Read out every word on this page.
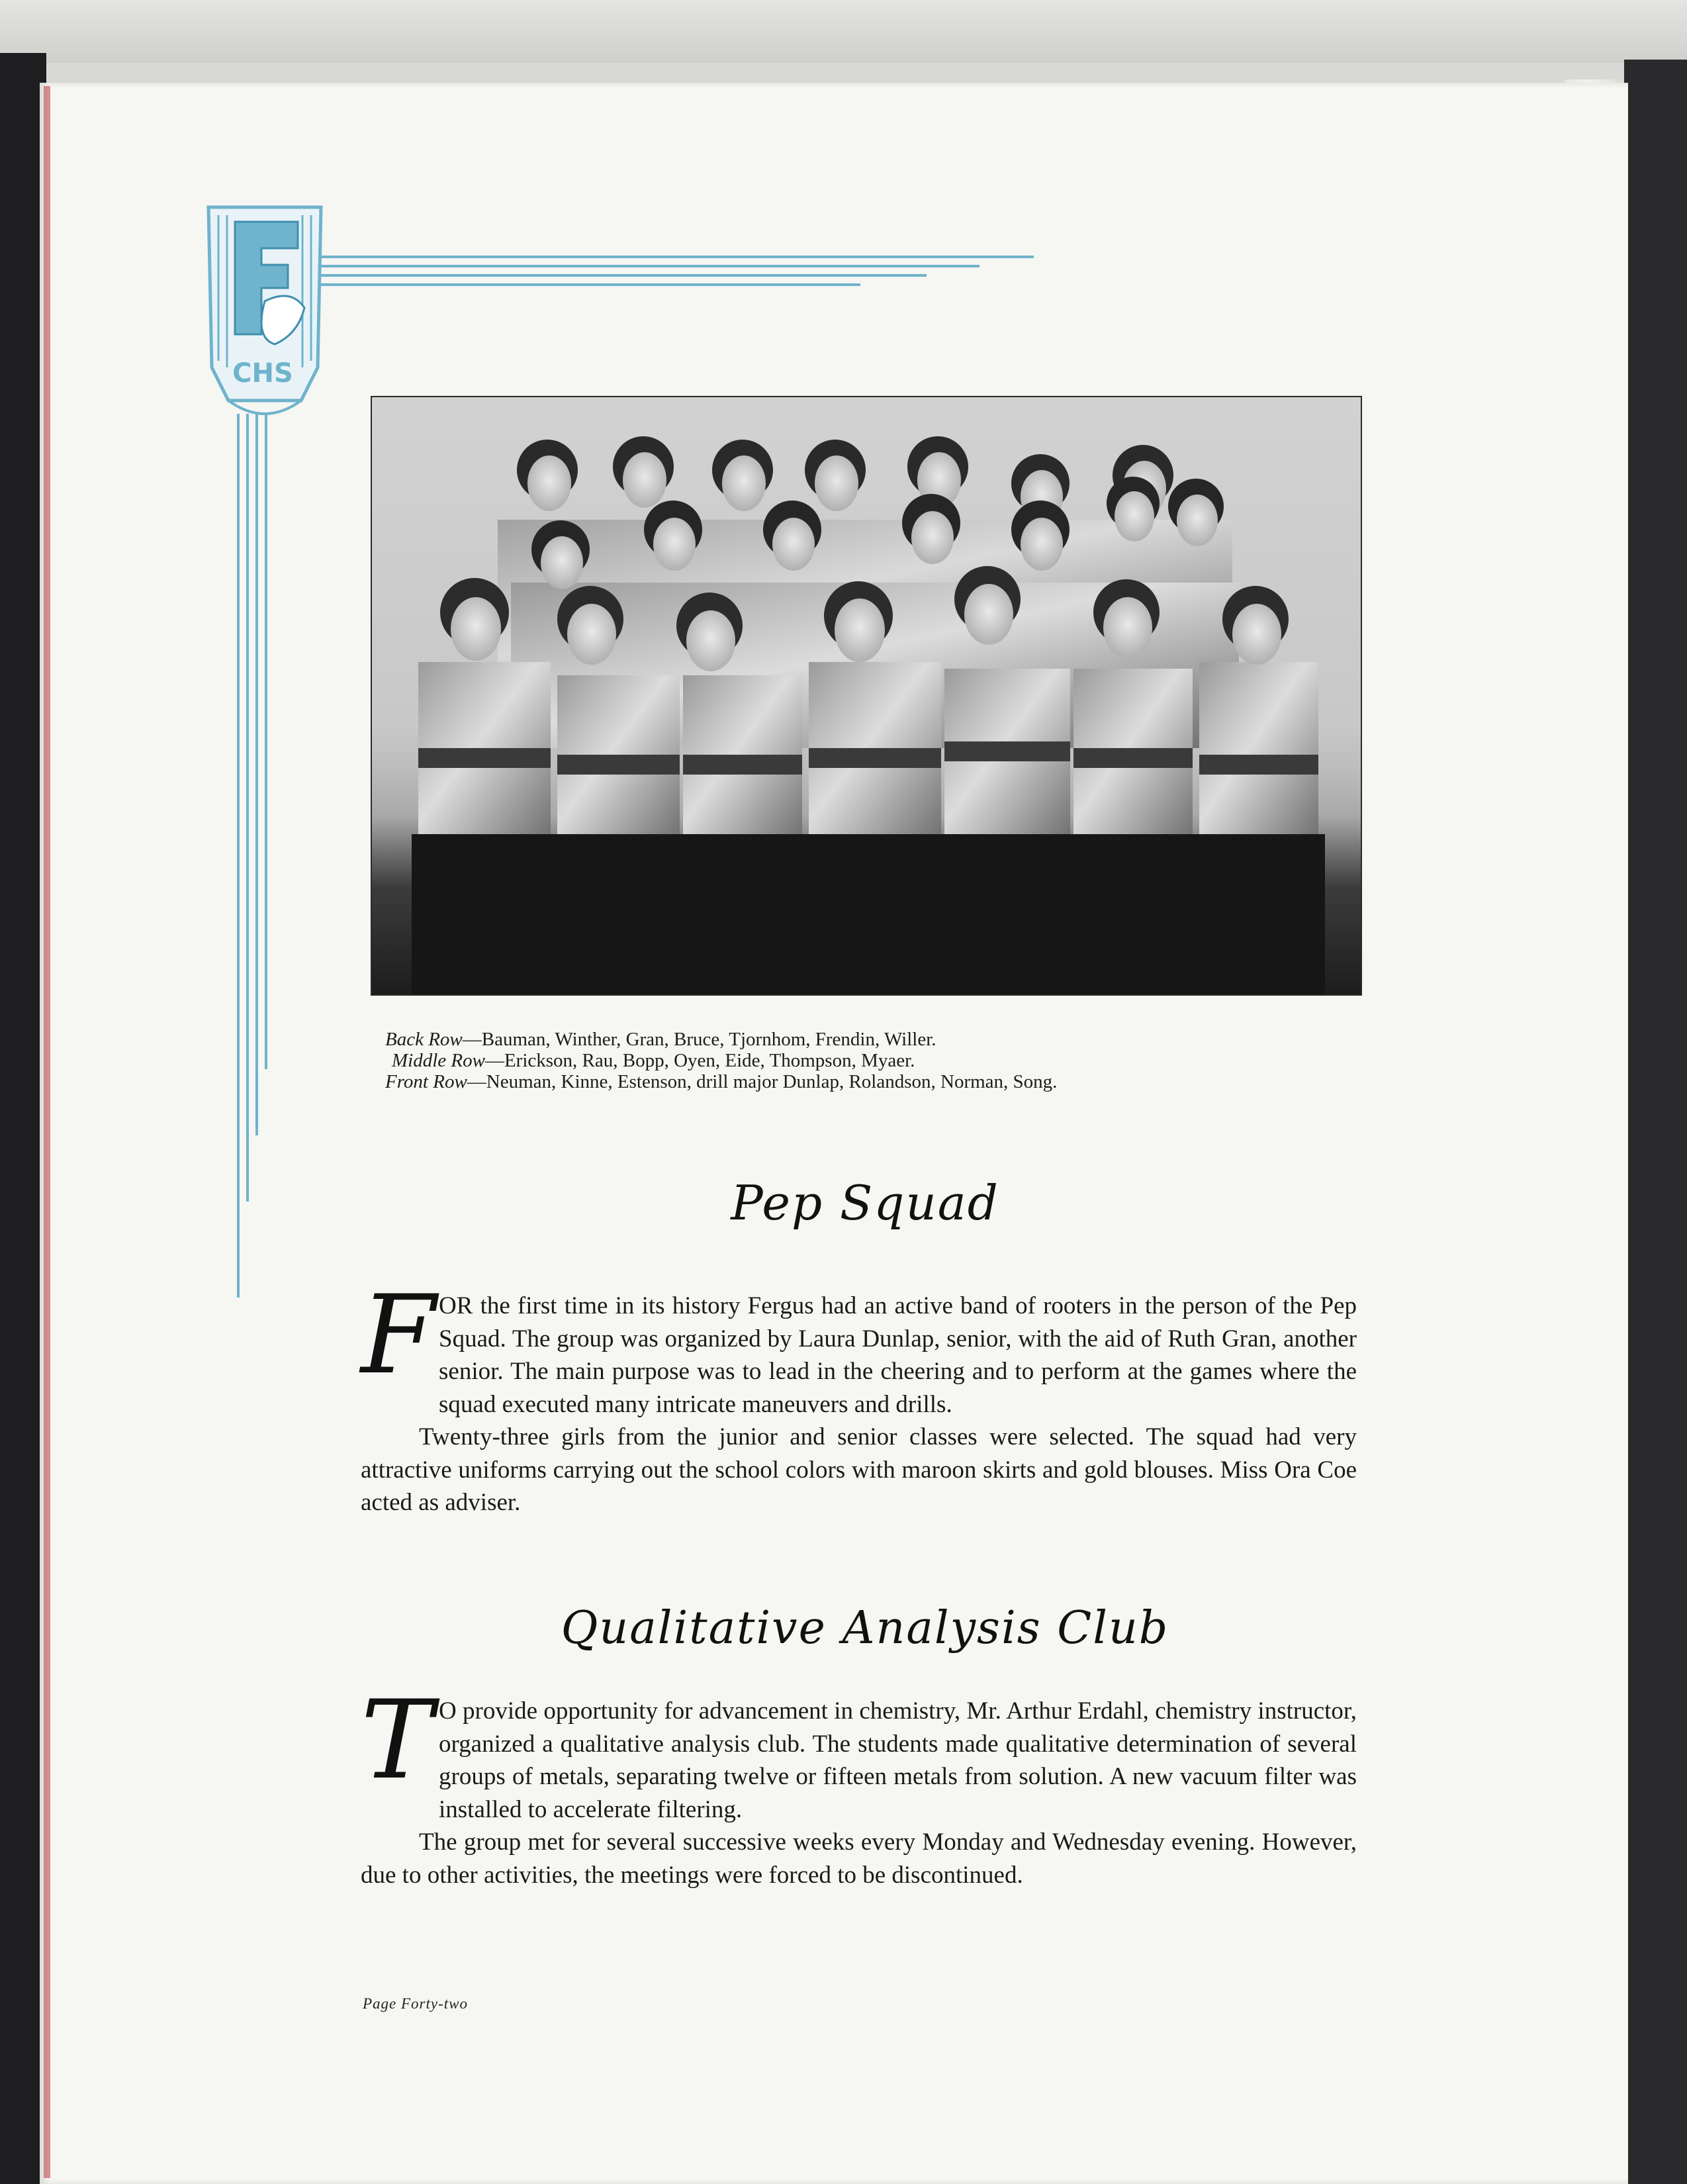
CHS
Back Row—Bauman, Winther, Gran, Bruce, Tjornhom, Frendin, Willer.
Middle Row—Erickson, Rau, Bopp, Oyen, Eide, Thompson, Myaer.
Front Row—Neuman, Kinne, Estenson, drill major Dunlap, Rolandson, Norman, Song.
Pep Squad

FOR the first time in its history Fergus had an active band of rooters in the person of the Pep Squad. The group was organized by Laura Dunlap, senior, with the aid of Ruth Gran, another senior. The main purpose was to lead in the cheering and to perform at the games where the squad executed many intricate maneuvers and drills.

Twenty-three girls from the junior and senior classes were selected. The squad had very attractive uniforms carrying out the school colors with maroon skirts and gold blouses. Miss Ora Coe acted as adviser.

Qualitative Analysis Club

T O provide opportunity for advancement in chemistry, Mr. Arthur Erdahl, chemistry instructor, organized a qualitative analysis club. The students made qualitative determination of several groups of metals, separating twelve or fifteen metals from solution. A new vacuum filter was installed to accelerate filtering.

The group met for several successive weeks every Monday and Wednesday evening. However, due to other activities, the meetings were forced to be discontinued.

Page Forty-two
